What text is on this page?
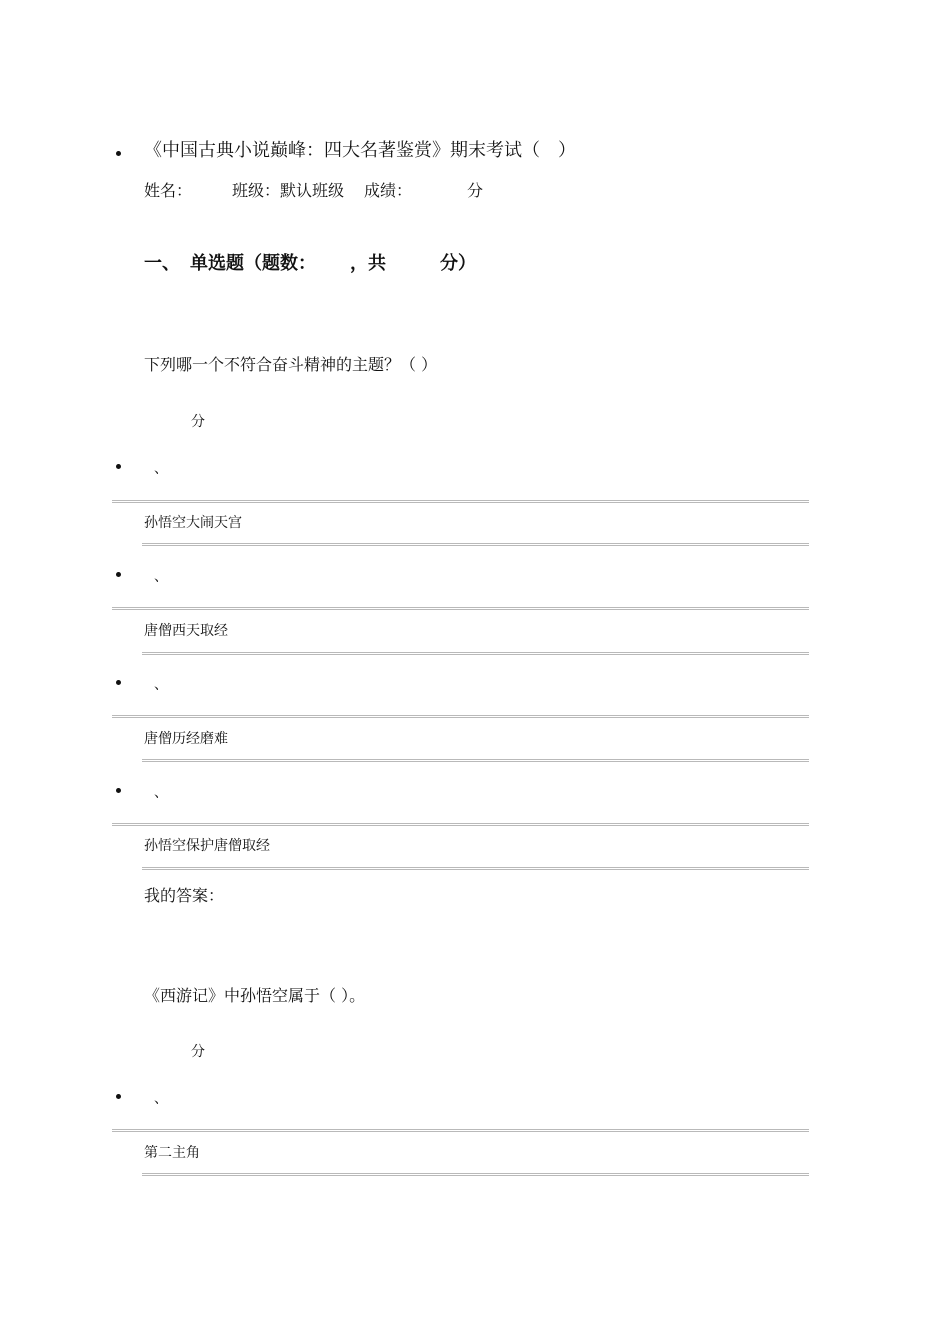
《中国古典小说巅峰：四大名著鉴赏》期末考试（　）
姓名： 班级：默认班级 成绩：	分
一、 单选题（题数： ，共	分）
下列哪一个不符合奋斗精神的主题？（ ）
分
、
孙悟空大闹天宫
、
唐僧西天取经
、
唐僧历经磨难
、
孙悟空保护唐僧取经
我的答案：
《西游记》中孙悟空属于（ ）。
分
、
第二主角
